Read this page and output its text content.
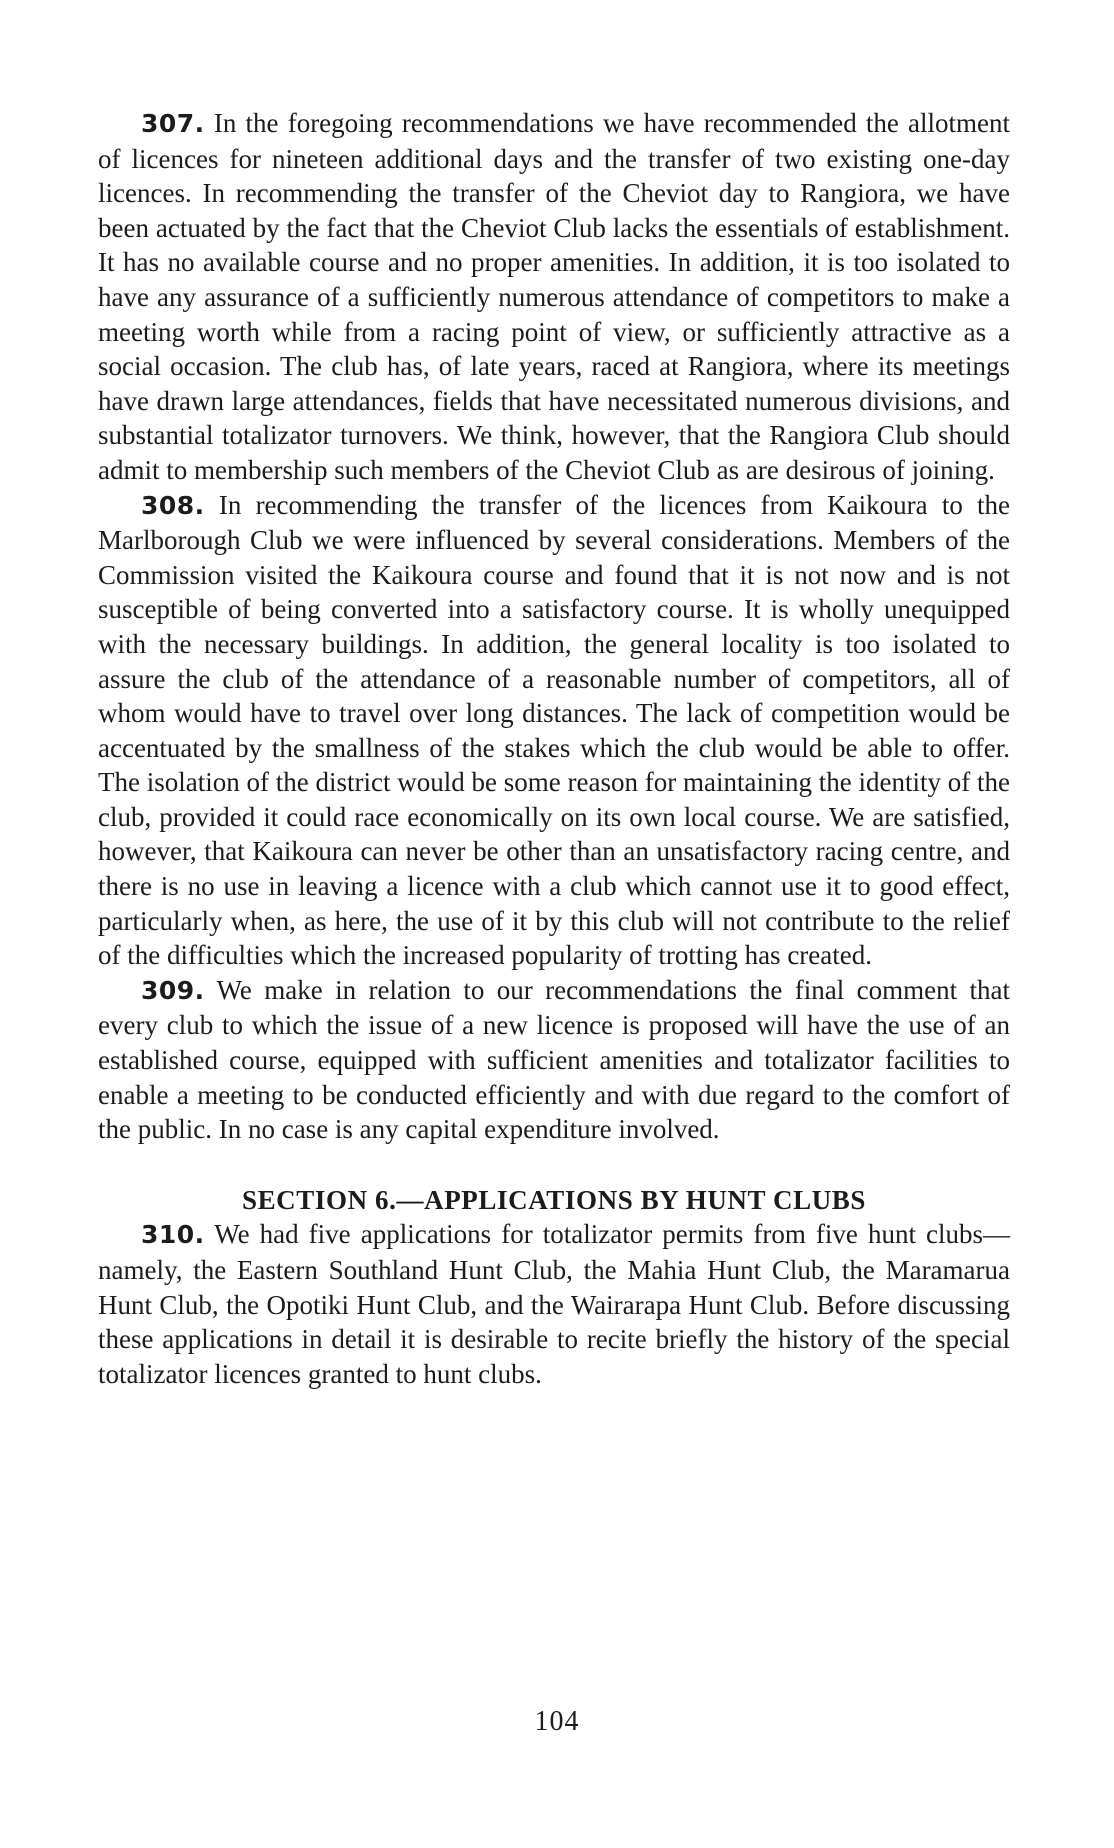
307. In the foregoing recommendations we have recommended the allotment of licences for nineteen additional days and the transfer of two existing one-day licences. In recommending the transfer of the Cheviot day to Rangiora, we have been actuated by the fact that the Cheviot Club lacks the essentials of establishment. It has no available course and no proper amenities. In addition, it is too isolated to have any assurance of a sufficiently numerous attendance of competitors to make a meeting worth while from a racing point of view, or sufficiently attractive as a social occasion. The club has, of late years, raced at Rangiora, where its meetings have drawn large attendances, fields that have necessitated numerous divisions, and substantial totalizator turnovers. We think, however, that the Rangiora Club should admit to membership such members of the Cheviot Club as are desirous of joining.

308. In recommending the transfer of the licences from Kaikoura to the Marlborough Club we were influenced by several considerations. Members of the Commission visited the Kaikoura course and found that it is not now and is not susceptible of being converted into a satisfactory course. It is wholly unequipped with the necessary buildings. In addition, the general locality is too isolated to assure the club of the attendance of a reasonable number of competitors, all of whom would have to travel over long distances. The lack of competition would be accentuated by the smallness of the stakes which the club would be able to offer. The isolation of the district would be some reason for maintaining the identity of the club, provided it could race economically on its own local course. We are satisfied, however, that Kaikoura can never be other than an unsatisfactory racing centre, and there is no use in leaving a licence with a club which cannot use it to good effect, particularly when, as here, the use of it by this club will not contribute to the relief of the difficulties which the increased popularity of trotting has created.

309. We make in relation to our recommendations the final comment that every club to which the issue of a new licence is proposed will have the use of an established course, equipped with sufficient amenities and totalizator facilities to enable a meeting to be conducted efficiently and with due regard to the comfort of the public. In no case is any capital expenditure involved.

SECTION 6.—APPLICATIONS BY HUNT CLUBS

310. We had five applications for totalizator permits from five hunt clubs—namely, the Eastern Southland Hunt Club, the Mahia Hunt Club, the Maramarua Hunt Club, the Opotiki Hunt Club, and the Wairarapa Hunt Club. Before discussing these applications in detail it is desirable to recite briefly the history of the special totalizator licences granted to hunt clubs.

104
